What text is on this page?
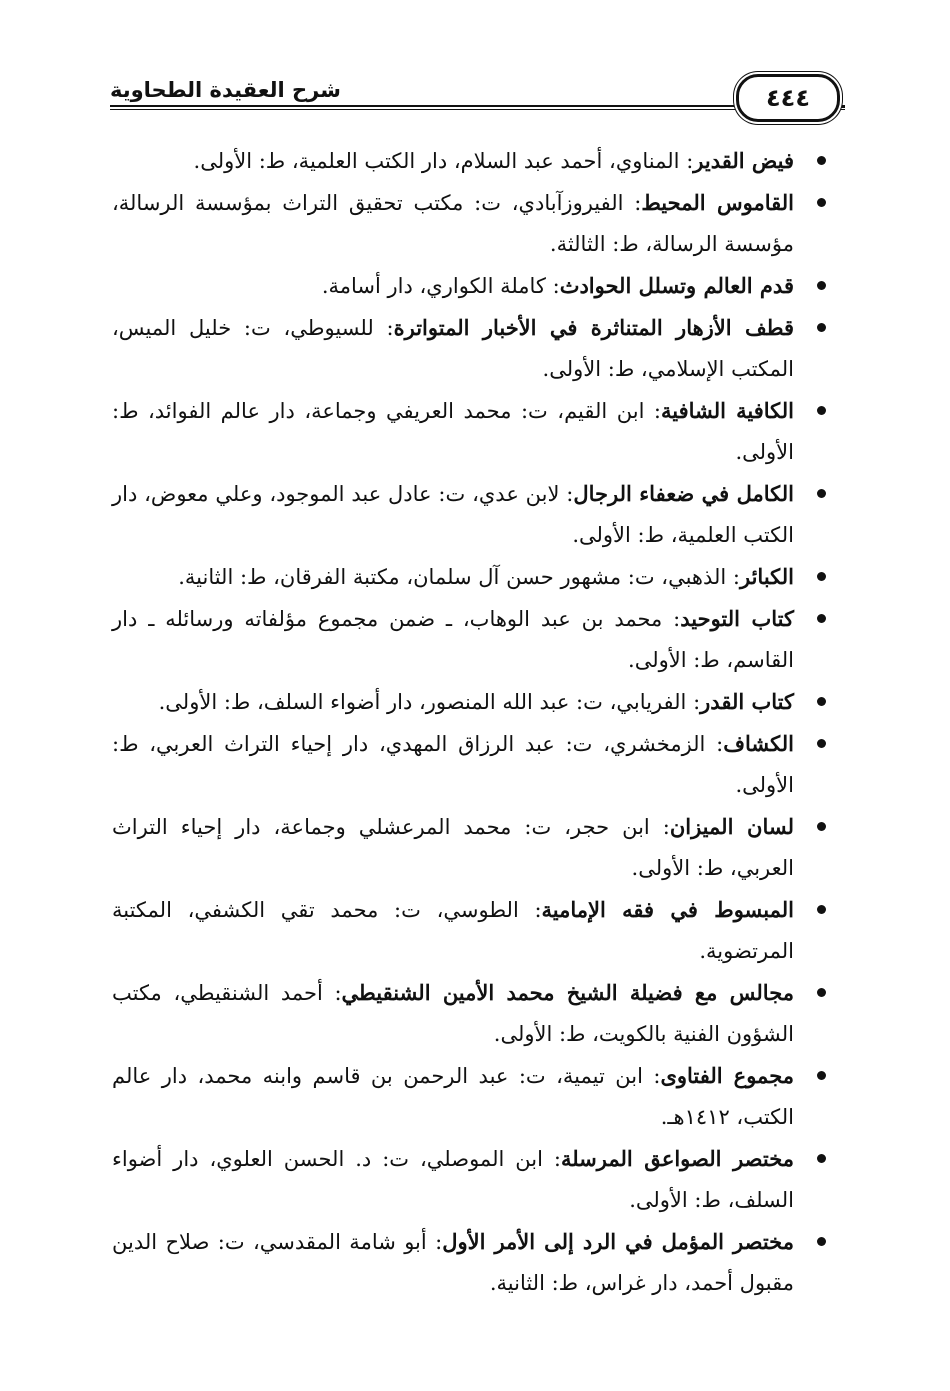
شرح العقيدة الطحاوية	٤٤٤
فيض القدير: المناوي، أحمد عبد السلام، دار الكتب العلمية، ط: الأولى.
القاموس المحيط: الفيروزآبادي، ت: مكتب تحقيق التراث بمؤسسة الرسالة، مؤسسة الرسالة، ط: الثالثة.
قدم العالم وتسلل الحوادث: كاملة الكواري، دار أسامة.
قطف الأزهار المتناثرة في الأخبار المتواترة: للسيوطي، ت: خليل الميس، المكتب الإسلامي، ط: الأولى.
الكافية الشافية: ابن القيم، ت: محمد العريفي وجماعة، دار عالم الفوائد، ط: الأولى.
الكامل في ضعفاء الرجال: لابن عدي، ت: عادل عبد الموجود، وعلي معوض، دار الكتب العلمية، ط: الأولى.
الكبائر: الذهبي، ت: مشهور حسن آل سلمان، مكتبة الفرقان، ط: الثانية.
كتاب التوحيد: محمد بن عبد الوهاب، ـ ضمن مجموع مؤلفاته ورسائله ـ دار القاسم، ط: الأولى.
كتاب القدر: الفريابي، ت: عبد الله المنصور، دار أضواء السلف، ط: الأولى.
الكشاف: الزمخشري، ت: عبد الرزاق المهدي، دار إحياء التراث العربي، ط: الأولى.
لسان الميزان: ابن حجر، ت: محمد المرعشلي وجماعة، دار إحياء التراث العربي، ط: الأولى.
المبسوط في فقه الإمامية: الطوسي، ت: محمد تقي الكشفي، المكتبة المرتضوية.
مجالس مع فضيلة الشيخ محمد الأمين الشنقيطي: أحمد الشنقيطي، مكتب الشؤون الفنية بالكويت، ط: الأولى.
مجموع الفتاوى: ابن تيمية، ت: عبد الرحمن بن قاسم وابنه محمد، دار عالم الكتب، ١٤١٢هـ.
مختصر الصواعق المرسلة: ابن الموصلي، ت: د. الحسن العلوي، دار أضواء السلف، ط: الأولى.
مختصر المؤمل في الرد إلى الأمر الأول: أبو شامة المقدسي، ت: صلاح الدين مقبول أحمد، دار غراس، ط: الثانية.
